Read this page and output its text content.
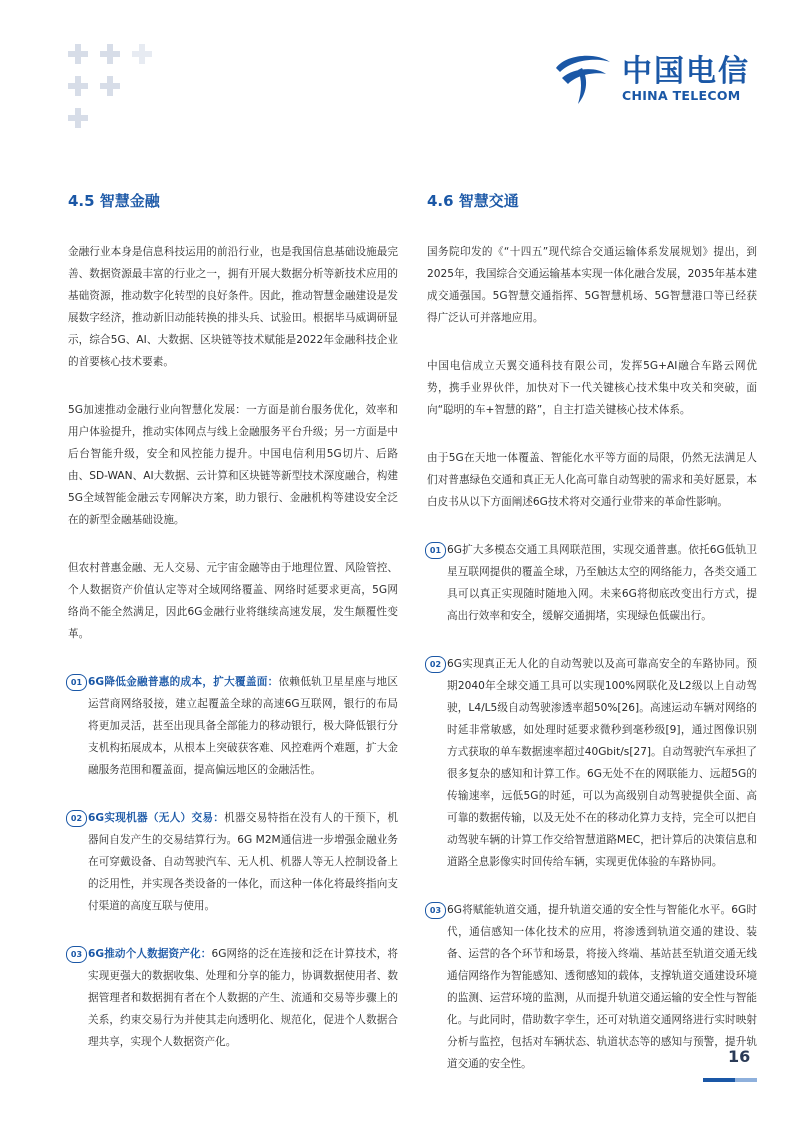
中国电信
CHINA TELECOM
4.5 智慧金融

金融行业本身是信息科技运用的前沿行业，也是我国信息基础设施最完善、数据资源最丰富的行业之一，拥有开展大数据分析等新技术应用的基础资源，推动数字化转型的良好条件。因此，推动智慧金融建设是发展数字经济，推动新旧动能转换的排头兵、试验田。根据毕马威调研显示，综合5G、AI、大数据、区块链等技术赋能是2022年金融科技企业的首要核心技术要素。

5G加速推动金融行业向智慧化发展：一方面是前台服务优化，效率和用户体验提升，推动实体网点与线上金融服务平台升级；另一方面是中后台智能升级，安全和风控能力提升。中国电信利用5G切片、后路由、SD-WAN、AI大数据、云计算和区块链等新型技术深度融合，构建5G全域智能金融云专网解决方案，助力银行、金融机构等建设安全泛在的新型金融基础设施。

但农村普惠金融、无人交易、元宇宙金融等由于地理位置、风险管控、个人数据资产价值认定等对全域网络覆盖、网络时延要求更高，5G网络尚不能全然满足，因此6G金融行业将继续高速发展，发生颠覆性变革。

01 6G降低金融普惠的成本，扩大覆盖面：依赖低轨卫星星座与地区运营商网络驳接，建立起覆盖全球的高速6G互联网，银行的布局将更加灵活，甚至出现具备全部能力的移动银行，极大降低银行分支机构拓展成本，从根本上突破获客难、风控难两个难题，扩大金融服务范围和覆盖面，提高偏远地区的金融活性。
02 6G实现机器（无人）交易：机器交易特指在没有人的干预下，机器间自发产生的交易结算行为。6G M2M通信进一步增强金融业务在可穿戴设备、自动驾驶汽车、无人机、机器人等无人控制设备上的泛用性，并实现各类设备的一体化，而这种一体化将最终指向支付渠道的高度互联与使用。
03 6G推动个人数据资产化：6G网络的泛在连接和泛在计算技术，将实现更强大的数据收集、处理和分享的能力，协调数据使用者、数据管理者和数据拥有者在个人数据的产生、流通和交易等步骤上的关系，约束交易行为并使其走向透明化、规范化，促进个人数据合理共享，实现个人数据资产化。
4.6 智慧交通

国务院印发的《“十四五”现代综合交通运输体系发展规划》提出，到2025年，我国综合交通运输基本实现一体化融合发展，2035年基本建成交通强国。5G智慧交通指挥、5G智慧机场、5G智慧港口等已经获得广泛认可并落地应用。

中国电信成立天翼交通科技有限公司，发挥5G+AI融合车路云网优势，携手业界伙伴，加快对下一代关键核心技术集中攻关和突破，面向“聪明的车+智慧的路”，自主打造关键核心技术体系。

由于5G在天地一体覆盖、智能化水平等方面的局限，仍然无法满足人们对普惠绿色交通和真正无人化高可靠自动驾驶的需求和美好愿景，本白皮书从以下方面阐述6G技术将对交通行业带来的革命性影响。

01 6G扩大多模态交通工具网联范围，实现交通普惠。依托6G低轨卫星互联网提供的覆盖全球，乃至触达太空的网络能力，各类交通工具可以真正实现随时随地入网。未来6G将彻底改变出行方式，提高出行效率和安全，缓解交通拥堵，实现绿色低碳出行。
02 6G实现真正无人化的自动驾驶以及高可靠高安全的车路协同。预期2040年全球交通工具可以实现100%网联化及L2级以上自动驾驶，L4/L5级自动驾驶渗透率超50%[26]。高速运动车辆对网络的时延非常敏感，如处理时延要求微秒到毫秒级[9]，通过图像识别方式获取的单车数据速率超过40Gbit/s[27]。自动驾驶汽车承担了很多复杂的感知和计算工作。6G无处不在的网联能力、远超5G的传输速率，远低5G的时延，可以为高级别自动驾驶提供全面、高可靠的数据传输，以及无处不在的移动化算力支持，完全可以把自动驾驶车辆的计算工作交给智慧道路MEC，把计算后的决策信息和道路全息影像实时回传给车辆，实现更优体验的车路协同。
03 6G将赋能轨道交通，提升轨道交通的安全性与智能化水平。6G时代，通信感知一体化技术的应用，将渗透到轨道交通的建设、装备、运营的各个环节和场景，将接入终端、基站甚至轨道交通无线通信网络作为智能感知、透彻感知的载体，支撑轨道交通建设环境的监测、运营环境的监测，从而提升轨道交通运输的安全性与智能化。与此同时，借助数字孪生，还可对轨道交通网络进行实时映射分析与监控，包括对车辆状态、轨道状态等的感知与预警，提升轨道交通的安全性。	16
